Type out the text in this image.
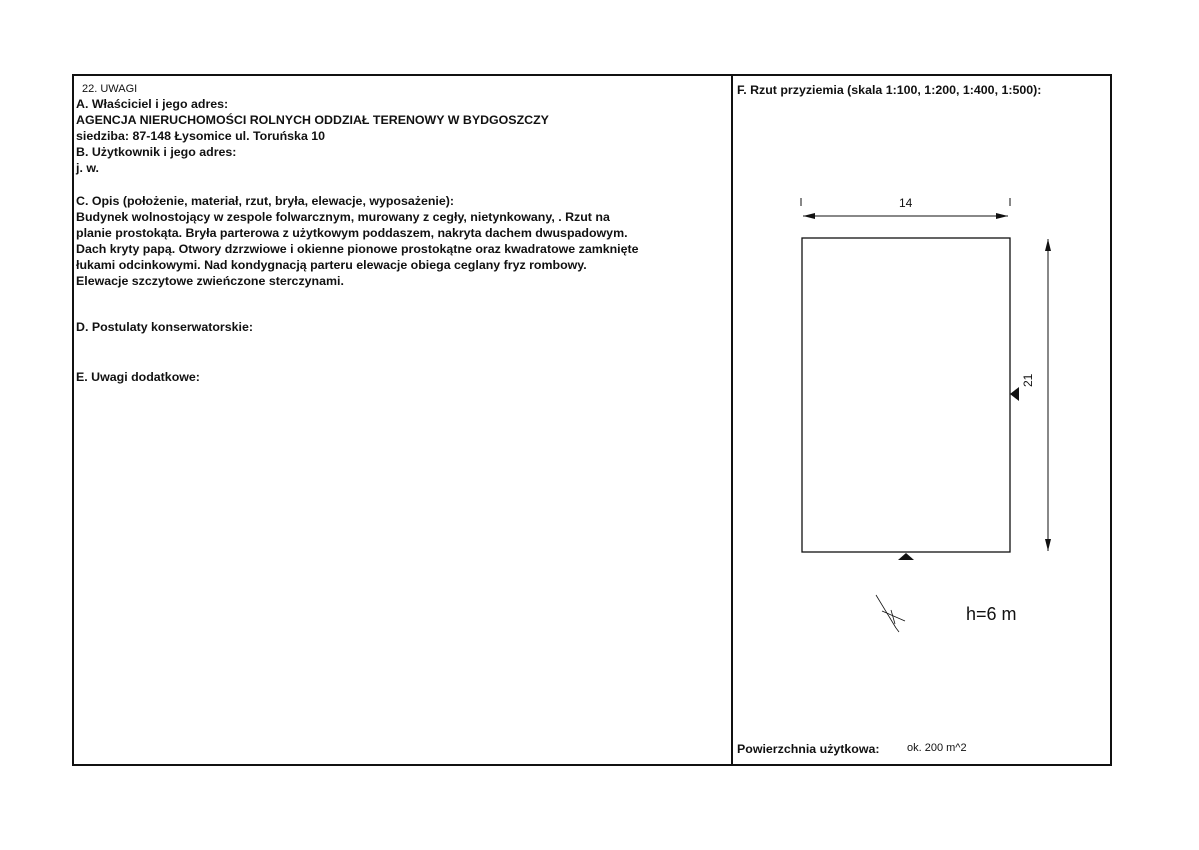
22. UWAGI
A. Właściciel i jego adres:
AGENCJA NIERUCHOMOŚCI ROLNYCH ODDZIAŁ TERENOWY W BYDGOSZCZY
siedziba: 87-148 Łysomice ul. Toruńska 10
B. Użytkownik i jego adres:
j. w.
C. Opis (położenie, materiał, rzut, bryła, elewacje, wyposażenie):
Budynek wolnostojący w zespole folwarcznym, murowany z cegły, nietynkowany, . Rzut na
planie prostokąta. Bryła parterowa z użytkowym poddaszem, nakryta dachem dwuspadowym.
Dach kryty papą. Otwory dzrzwiowe i okienne pionowe prostokątne oraz kwadratowe zamknięte
łukami odcinkowymi. Nad kondygnacją parteru elewacje obiega ceglany fryz rombowy.
Elewacje szczytowe zwieńczone sterczynami.
D. Postulaty konserwatorskie:
E. Uwagi dodatkowe:
F. Rzut przyziemia (skala 1:100, 1:200, 1:400, 1:500):
14
21
h=6 m
Powierzchnia użytkowa: ok. 200 m^2
